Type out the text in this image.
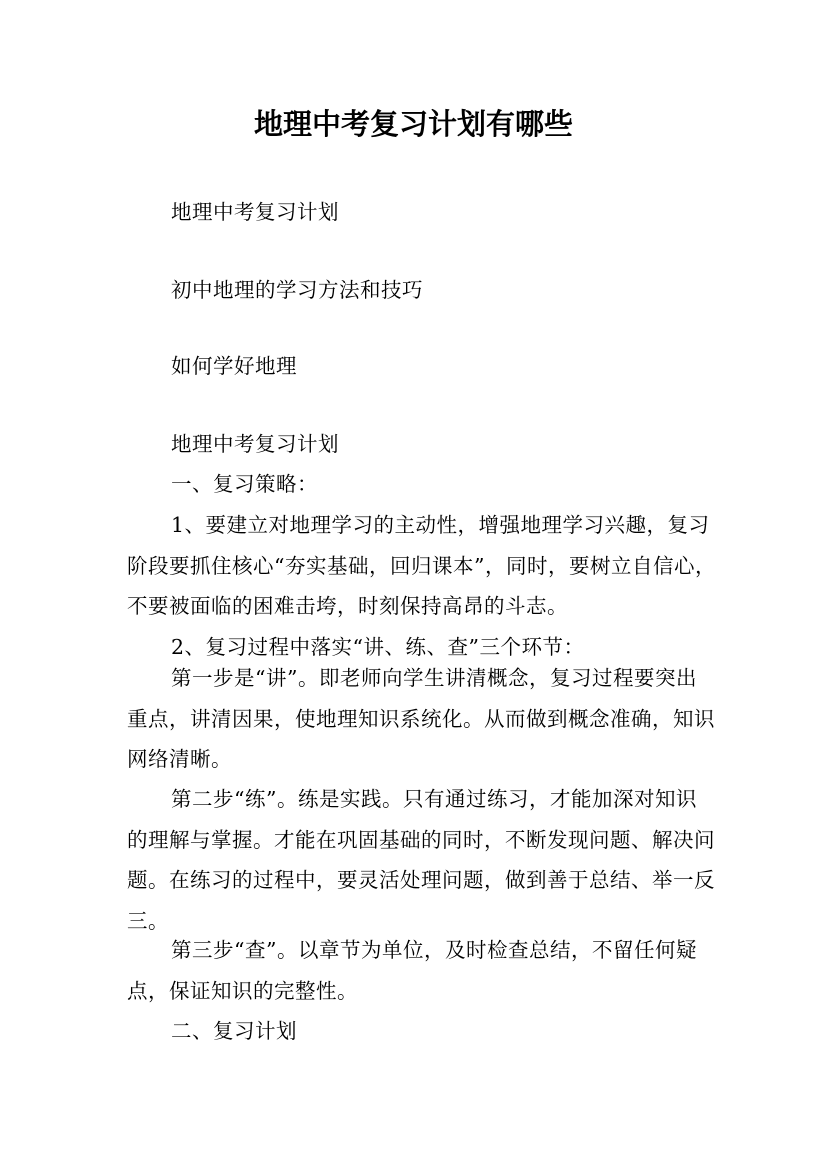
地理中考复习计划有哪些

地理中考复习计划

初中地理的学习方法和技巧

如何学好地理

地理中考复习计划

一、复习策略：

1、要建立对地理学习的主动性，增强地理学习兴趣，复习阶段要抓住核心“夯实基础，回归课本”，同时，要树立自信心，不要被面临的困难击垮，时刻保持高昂的斗志。

2、复习过程中落实“讲、练、查”三个环节：

第一步是“讲”。即老师向学生讲清概念，复习过程要突出重点，讲清因果，使地理知识系统化。从而做到概念准确，知识网络清晰。

第二步“练”。练是实践。只有通过练习，才能加深对知识的理解与掌握。才能在巩固基础的同时，不断发现问题、解决问题。在练习的过程中，要灵活处理问题，做到善于总结、举一反三。

第三步“查”。以章节为单位，及时检查总结，不留任何疑点，保证知识的完整性。

二、复习计划
